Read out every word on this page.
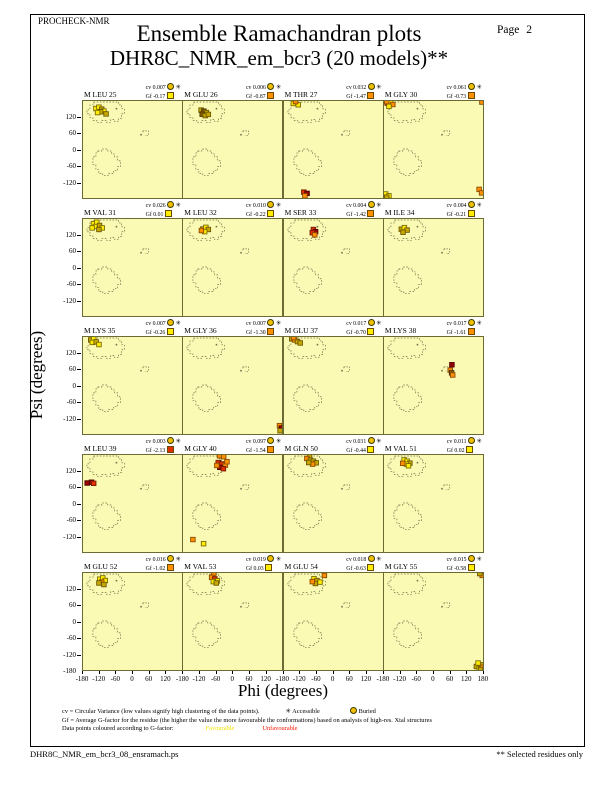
PROCHECK-NMR
Page 2
Ensemble Ramachandran plots
DHR8C_NMR_em_bcr3 (20 models)**
Phi (degrees)
M LEU 25
cv 0.007  ✳
Gf -0.17	M GLU 26
cv 0.006  ✳
Gf -0.87	M THR 27
cv 0.032  ✳
Gf -1.47	M GLY 30
cv 0.061  ✳
Gf -0.73
M VAL 31
cv 0.026  ✳
Gf 0.01	M LEU 32
cv 0.010  ✳
Gf -0.22	M SER 33
cv 0.004  ✳
Gf -1.42	M ILE 34
cv 0.004  ✳
Gf -0.21
M LYS 35
cv 0.007  ✳
Gf -0.26	M GLY 36
cv 0.007  ✳
Gf -1.30	M GLU 37
cv 0.017  ✳
Gf -0.70	M LYS 38
cv 0.017  ✳
Gf -1.61
M LEU 39
cv 0.003  ✳
Gf -2.13	M GLY 40
cv 0.097  ✳
Gf -1.54	M GLN 50
cv 0.031  ✳
Gf -0.44	M VAL 51
cv 0.011  ✳
Gf 0.02
M GLU 52
cv 0.016  ✳
Gf -1.02	M VAL 53
cv 0.019  ✳
Gf 0.03	M GLU 54
cv 0.018  ✳
Gf -0.63	M GLY 55
cv 0.015  ✳
Gf -0.58
120
60
0
-60
-120
120
60
0
-60
-120
120
60
0
-60
-120
120
60
0
-60
-120
120
60
0
-60
-120
-180
-180 -120 -60	0	60	120 -180 -120 -60	0	60	120 -180 -120 -60	0	60	120 -180 -120 -60	0	60	120 180
Psi (degrees)
cv = Circular Variance (low values signify high clustering of the data points).	✳ Accessible	Buried
Gf = Average G-factor for the residue (the higher the value the more favourable the conformations) based on analysis of high-res. Xtal structures
Data points coloured according to G-factor:	Favourable	Unfavourable
DHR8C_NMR_em_bcr3_08_ensramach.ps	** Selected residues only
